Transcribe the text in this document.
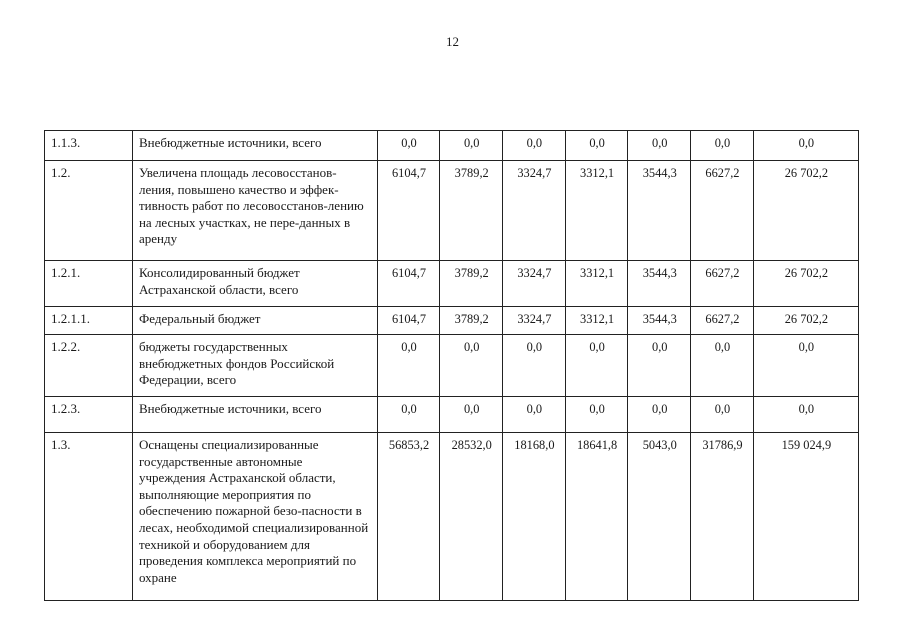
12
1.1.3.	Внебюджетные источники, всего	0,0	0,0	0,0	0,0	0,0	0,0	0,0
1.2.	Увеличена площадь лесовосстанов-ления, повышено качество и эффек-тивность работ по лесовосстанов-лению на лесных участках, не пере-данных в аренду	6104,7	3789,2	3324,7	3312,1	3544,3	6627,2	26 702,2
1.2.1.	Консолидированный бюджет Астраханской области, всего	6104,7	3789,2	3324,7	3312,1	3544,3	6627,2	26 702,2
1.2.1.1.	Федеральный бюджет	6104,7	3789,2	3324,7	3312,1	3544,3	6627,2	26 702,2
1.2.2.	бюджеты государственных внебюджетных фондов Российской Федерации, всего	0,0	0,0	0,0	0,0	0,0	0,0	0,0
1.2.3.	Внебюджетные источники, всего	0,0	0,0	0,0	0,0	0,0	0,0	0,0
1.3.	Оснащены специализированные государственные автономные учреждения Астраханской области, выполняющие мероприятия по обеспечению пожарной безо-пасности в лесах, необходимой специализированной техникой и оборудованием для проведения комплекса мероприятий по охране	56853,2	28532,0	18168,0	18641,8	5043,0	31786,9	159 024,9
